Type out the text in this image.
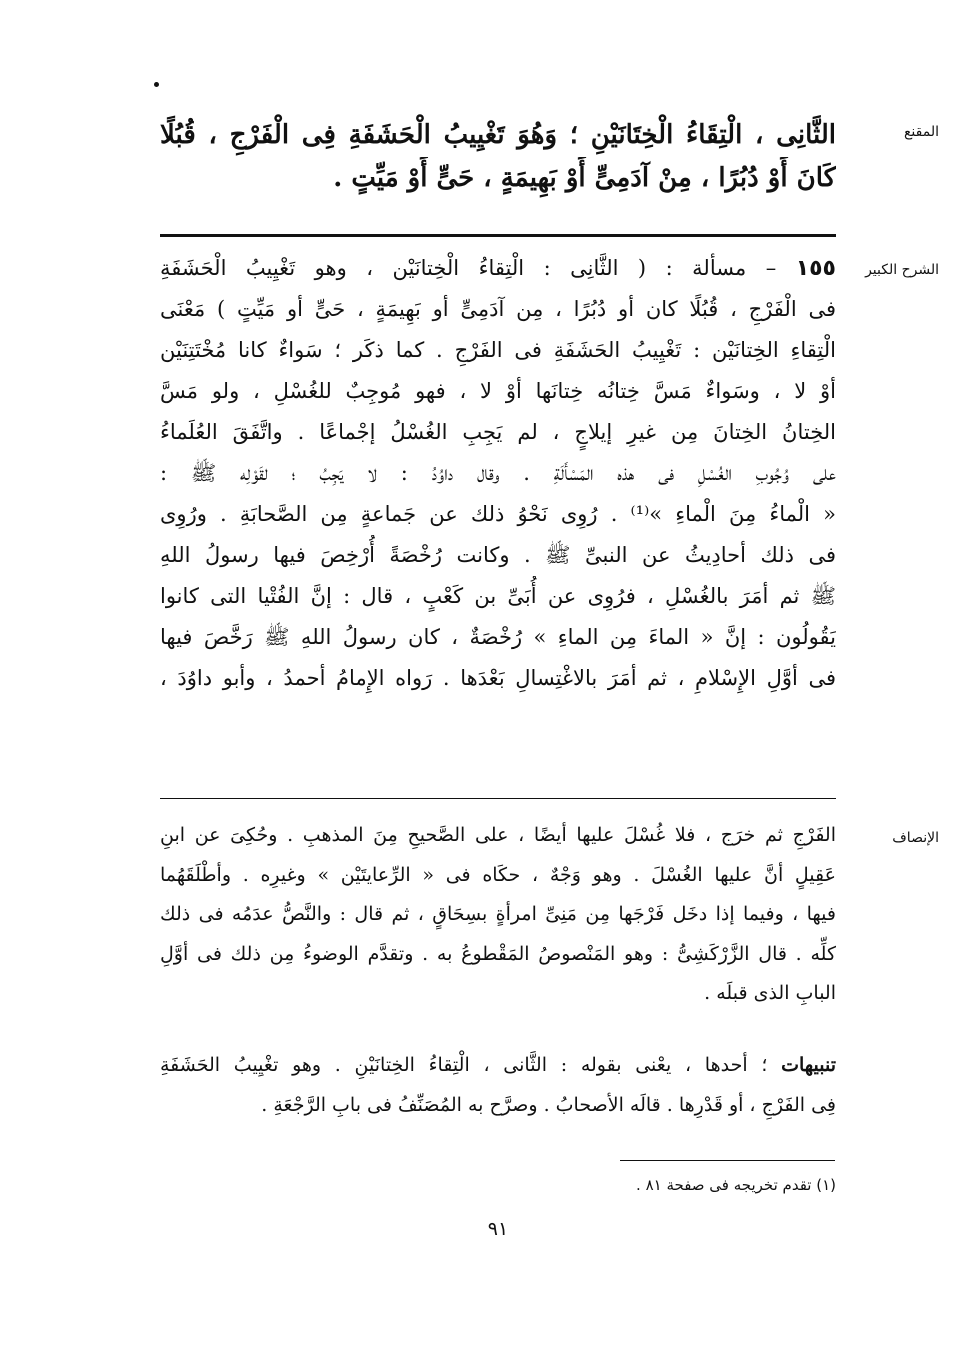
المقنع
الثَّانِى ، الْتِقَاءُ الْخِتَانَيْنِ ؛ وَهُوَ تَغْيِيبُ الْحَشَفَةِ فِى الْفَرْجِ ، قُبُلًا
كَانَ أَوْ دُبُرًا ، مِنْ آدَمِىٍّ أَوْ بَهِيمَةٍ ، حَىٍّ أَوْ مَيِّتٍ .
الشرح الكبير
١٥٥ – مسألة : ( الثَّانِى : الْتِقاءُ الْخِتانَيْن ، وهو تَغْيِيبُ الْحَشَفَةِ
فى الْفَرْجِ ، قُبُلًا كان أو دُبُرًا ، مِن آدَمِىٍّ أو بَهِيمَةٍ ، حَىٍّ أو مَيِّتٍ ) مَعْنَى
الْتِقاءِ الخِتانَيْن : تَغْيِيبُ الحَشَفَةِ فى الفَرْجِ . كما ذكَر ؛ سَواءٌ كانا مُخْتَتِنَيْن
أوْ لا ، وسَواءٌ مَسَّ خِتانُه خِتانَها أوْ لا ، فهو مُوجِبٌ للغُسْلِ ، ولو مَسَّ
الخِتانُ الخِتانَ مِن غيرِ إيلاجٍ ، لم يَجِبِ الغُسْلُ إجْماعًا . واتَّفَقَ العُلَماءُ
على وُجُوبِ الغُسْلِ فى هذه المَسْأَلَةِ . وقال داوُدُ : لا يَجِبُ ؛ لقَوْلِه ﷺ :
« الْماءُ مِنَ الْماءِ »⁽¹⁾ . رُوِى نَحْوُ ذلك عن جَماعةٍ مِن الصَّحابَةِ . ورُوِى
فى ذلك أحادِيثُ عن النبىِّ ﷺ . وكانت رُخْصَةً أُرْخِصَ فيها رسولُ اللهِ
ﷺ ثم أمَرَ بالغُسْلِ ، فرُوِى عن أُبَىِّ بن كَعْبٍ ، قال : إنَّ الفُتْيا التى كانوا
يَقُولُون : إنَّ « الماءَ مِن الماءِ » رُخْصَةٌ ، كان رسولُ اللهِ ﷺ رَخَّصَ فيها
فى أوَّلِ الإِسْلامِ ، ثم أمَرَ بالاغْتِسالِ بَعْدَها . رَواه الإِمامُ أحمدُ ، وأبو داوُدَ ،
الإنصاف
الفَرْجِ ثم خرَج ، فلا غُسْلَ عليها أيضًا ، على الصَّحيحِ مِنَ المذهبِ . وحُكِىَ عن ابنِ
عَقِيلٍ أنَّ عليها الغُسْلَ . وهو وَجْهٌ ، حكَاه فى « الرِّعايتَيْن » وغيرِه . وأطْلَقَهُما
فيها ، وفيما إذا دخَل فَرْجَها مِن مَنِىِّ امرأةٍ بسِحَاقٍ ، ثم قال : والنَّصُّ عدَمُه فى ذلك
كلِّه . قال الزَّرْكَشِىُّ : وهو المَنْصوصُ المَقْطوعُ به . وتقدَّم الوضوءُ مِن ذلك فى أوَّلِ
البابِ الذى قبلَه .
تنبيهات ؛ أحدها ، يعْنى بقوله : الثَّانى ، الْتِقاءُ الخِتانَيْنِ . وهو تغْيِيبُ الحَشَفَةِ
فِى الفَرْجِ ، أو قَدْرِها . قالَه الأصحابُ . وصرَّح به المُصَنِّفُ فى بابِ الرَّجْعَةِ .
(١) تقدم تخريجه فى صفحة ٨١ .
٩١
